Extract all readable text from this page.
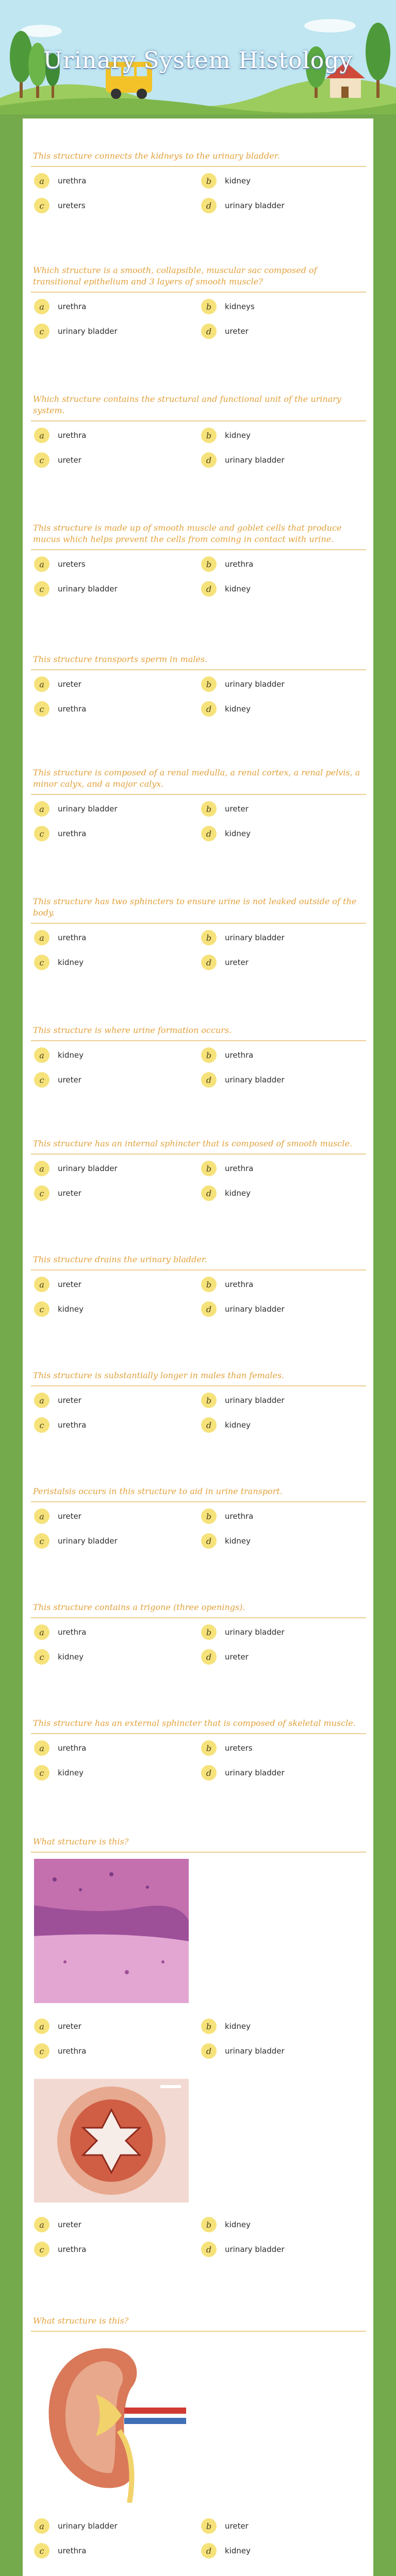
Urinary System Histology
This structure connects the kidneys to the urinary bladder.
a	urethra	b	kidney
c	ureters	d	urinary bladder
Which structure is a smooth, collapsible, muscular sac composed of transitional epithelium and 3 layers of smooth muscle?
a	urethra	b	kidneys
c	urinary bladder	d	ureter
Which structure contains the structural and functional unit of the urinary system.
a	urethra	b	kidney
c	ureter	d	urinary bladder
This structure is made up of smooth muscle and goblet cells that produce mucus which helps prevent the cells from coming in contact with urine.
a	ureters	b	urethra
c	urinary bladder	d	kidney
This structure transports sperm in males.
a	ureter	b	urinary bladder
c	urethra	d	kidney
This structure is composed of a renal medulla, a renal cortex, a renal pelvis, a minor calyx, and a major calyx.
a	urinary bladder	b	ureter
c	urethra	d	kidney
This structure has two sphincters to ensure urine is not leaked outside of the body.
a	urethra	b	urinary bladder
c	kidney	d	ureter
This structure is where urine formation occurs.
a	kidney	b	urethra
c	ureter	d	urinary bladder
This structure has an internal sphincter that is composed of smooth muscle.
a	urinary bladder	b	urethra
c	ureter	d	kidney
This structure drains the urinary bladder.
a	ureter	b	urethra
c	kidney	d	urinary bladder
This structure is substantially longer in males than females.
a	ureter	b	urinary bladder
c	urethra	d	kidney
Peristalsis occurs in this structure to aid in urine transport.
a	ureter	b	urethra
c	urinary bladder	d	kidney
This structure contains a trigone (three openings).
a	urethra	b	urinary bladder
c	kidney	d	ureter
This structure has an external sphincter that is composed of skeletal muscle.
a	urethra	b	ureters
c	kidney	d	urinary bladder
What structure is this?
a	ureter	b	kidney
c	urethra	d	urinary bladder
a	ureter	b	kidney
c	urethra	d	urinary bladder
What structure is this?
a	urinary bladder	b	ureter
c	urethra	d	kidney
